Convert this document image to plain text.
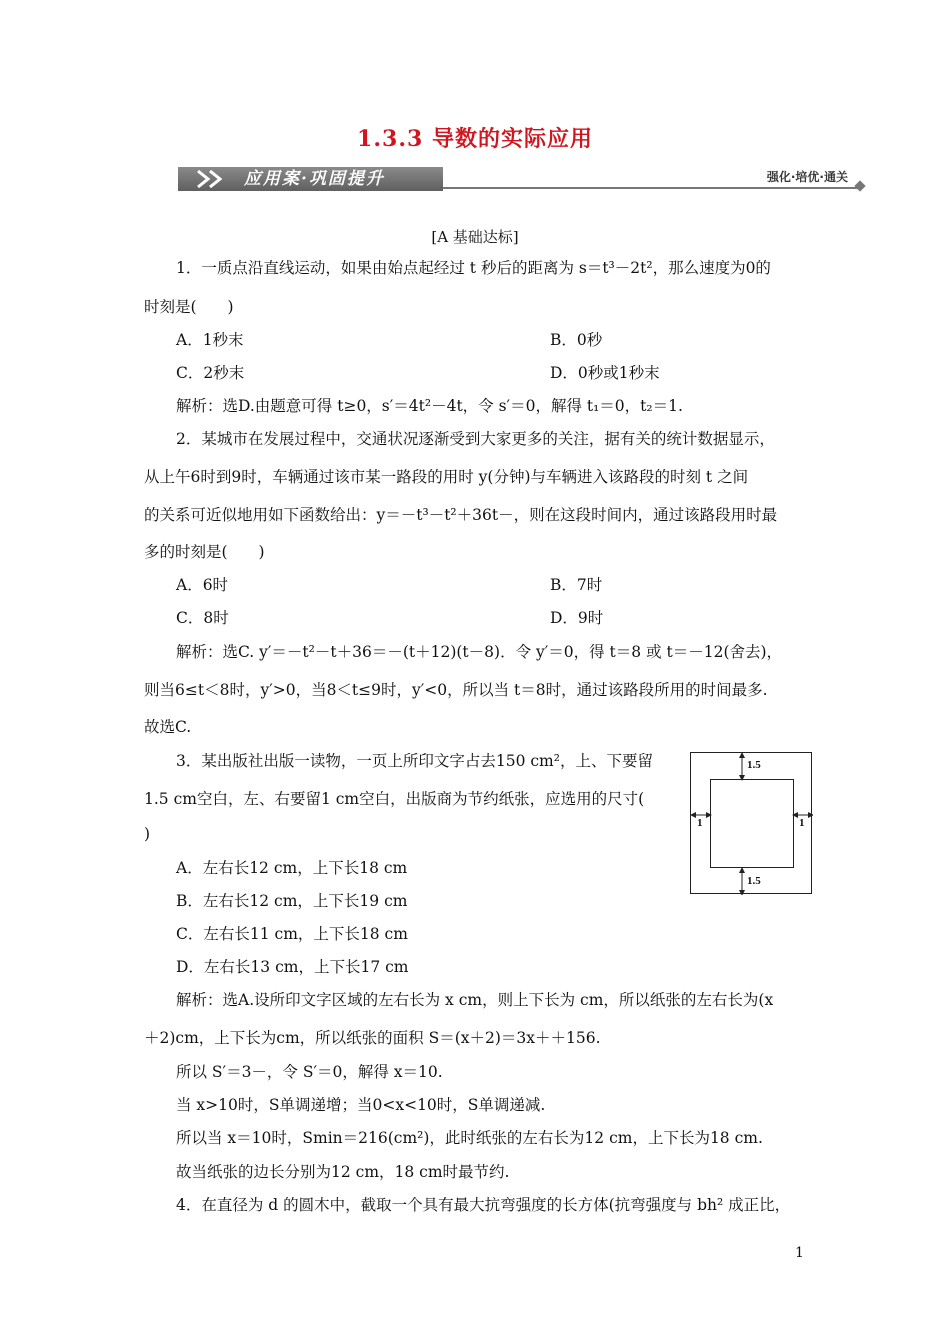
1.3.3 导数的实际应用
应用案·巩固提升	强化·培优·通关
[A 基础达标]
1．一质点沿直线运动，如果由始点起经过 t 秒后的距离为 s＝t³－2t²，那么速度为0的
时刻是(　　)
A．1秒末	B．0秒
C．2秒末	D．0秒或1秒末
解析：选D.由题意可得 t≥0，s′＝4t²－4t，令 s′＝0，解得 t₁＝0，t₂＝1.
2．某城市在发展过程中，交通状况逐渐受到大家更多的关注，据有关的统计数据显示，
从上午6时到9时，车辆通过该市某一路段的用时 y(分钟)与车辆进入该路段的时刻 t 之间
的关系可近似地用如下函数给出：y＝－t³－t²＋36t－，则在这段时间内，通过该路段用时最
多的时刻是(　　)
A．6时	B．7时
C．8时	D．9时
解析：选C. y′＝－t²－t＋36＝－(t＋12)(t－8)．令 y′＝0，得 t＝8 或 t＝－12(舍去)，
则当6≤t＜8时，y′>0，当8＜t≤9时，y′<0，所以当 t＝8时，通过该路段所用的时间最多.
故选C.
3．某出版社出版一读物，一页上所印文字占去150 cm²，上、下要留
1.5 cm空白，左、右要留1 cm空白，出版商为节约纸张，应选用的尺寸(
)
A．左右长12 cm，上下长18 cm
B．左右长12 cm，上下长19 cm
C．左右长11 cm，上下长18 cm
D．左右长13 cm，上下长17 cm
解析：选A.设所印文字区域的左右长为 x cm，则上下长为 cm，所以纸张的左右长为(x
＋2)cm，上下长为cm，所以纸张的面积 S＝(x＋2)＝3x＋＋156.
所以 S′＝3－，令 S′＝0，解得 x＝10.
当 x>10时，S单调递增；当0<x<10时，S单调递减.
所以当 x＝10时，Smin＝216(cm²)，此时纸张的左右长为12 cm，上下长为18 cm.
故当纸张的边长分别为12 cm，18 cm时最节约.
4．在直径为 d 的圆木中，截取一个具有最大抗弯强度的长方体(抗弯强度与 bh² 成正比，
1.5
1.5
1	1
1
